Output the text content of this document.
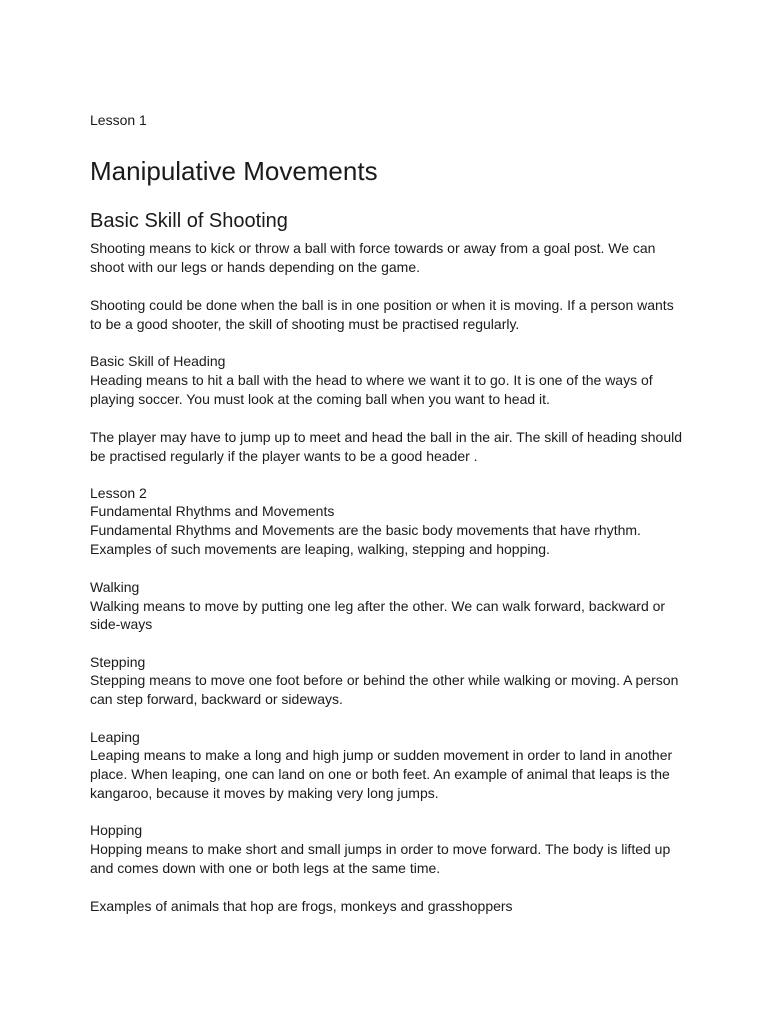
Lesson 1
Manipulative Movements
Basic Skill of Shooting
Shooting means to kick or throw a ball with force towards or away from a goal post. We can
shoot with our legs or hands depending on the game.
Shooting could be done when the ball is in one position or when it is moving. If a person wants
to be a good shooter, the skill of shooting must be practised regularly.
Basic Skill of Heading
Heading means to hit a ball with the head to where we want it to go. It is one of the ways of
playing soccer. You must look at the coming ball when you want to head it.
The player may have to jump up to meet and head the ball in the air. The skill of heading should
be practised regularly if the player wants to be a good header .
Lesson 2
Fundamental Rhythms and Movements
Fundamental Rhythms and Movements are the basic body movements that have rhythm.
Examples of such movements are leaping, walking, stepping and hopping.
Walking
Walking means to move by putting one leg after the other. We can walk forward, backward or
side-ways
Stepping
Stepping means to move one foot before or behind the other while walking or moving. A person
can step forward, backward or sideways.
Leaping
Leaping means to make a long and high jump or sudden movement in order to land in another
place. When leaping, one can land on one or both feet. An example of animal that leaps is the
kangaroo, because it moves by making very long jumps.
Hopping
Hopping means to make short and small jumps in order to move forward. The body is lifted up
and comes down with one or both legs at the same time.
Examples of animals that hop are frogs, monkeys and grasshoppers
